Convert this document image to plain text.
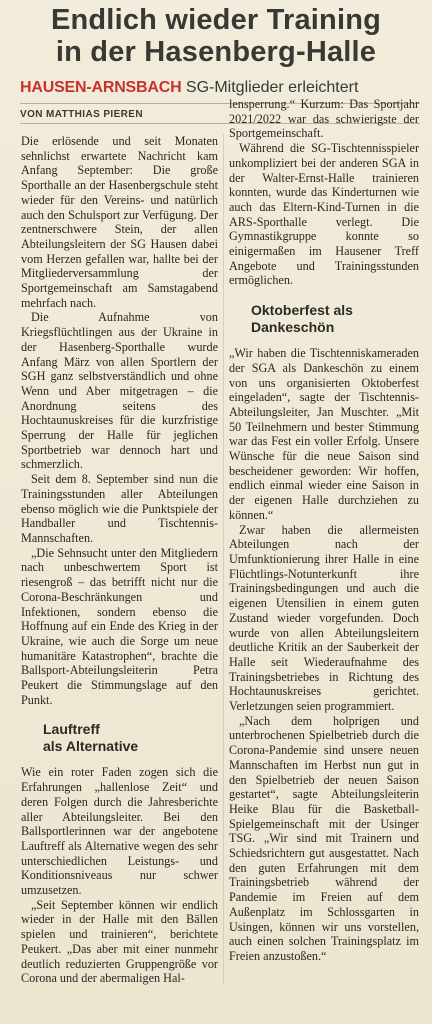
Endlich wieder Training
in der Hasenberg-Halle
HAUSEN-ARNSBACH SG-Mitglieder erleichtert
VON MATTHIAS PIEREN

Die erlösende und seit Monaten sehnlichst erwartete Nachricht kam Anfang September: Die große Sporthalle an der Hasenbergschule steht wieder für den Vereins- und natürlich auch den Schulsport zur Verfügung. Der zentnerschwere Stein, der allen Abteilungsleitern der SG Hausen dabei vom Herzen gefallen war, hallte bei der Mitgliederversammlung der Sportgemeinschaft am Samstagabend mehrfach nach.

Die Aufnahme von Kriegsflüchtlingen aus der Ukraine in der Hasenberg-Sporthalle wurde Anfang März von allen Sportlern der SGH ganz selbstverständlich und ohne Wenn und Aber mitgetragen – die Anordnung seitens des Hochtaunuskreises für die kurzfristige Sperrung der Halle für jeglichen Sportbetrieb war dennoch hart und schmerzlich.

Seit dem 8. September sind nun die Trainingsstunden aller Abteilungen ebenso möglich wie die Punktspiele der Handballer und Tischtennis-Mannschaften.

„Die Sehnsucht unter den Mitgliedern nach unbeschwertem Sport ist riesengroß – das betrifft nicht nur die Corona-Beschränkungen und Infektionen, sondern ebenso die Hoffnung auf ein Ende des Krieg in der Ukraine, wie auch die Sorge um neue humanitäre Katastrophen“, brachte die Ballsport-Abteilungsleiterin Petra Peukert die Stimmungslage auf den Punkt.

Lauftreff
als Alternative

Wie ein roter Faden zogen sich die Erfahrungen „hallenlose Zeit“ und deren Folgen durch die Jahresberichte aller Abteilungsleiter. Bei den Ballsportlerinnen war der angebotene Lauftreff als Alternative wegen des sehr unterschiedlichen Leistungs- und Konditionsniveaus nur schwer umzusetzen.

„Seit September können wir endlich wieder in der Halle mit den Bällen spielen und trainieren“, berichtete Peukert. „Das aber mit einer nunmehr deutlich reduzierten Gruppengröße vor Corona und der abermaligen Hal-

lensperrung.“ Kurzum: Das Sportjahr 2021/2022 war das schwierigste der Sportgemeinschaft.

Während die SG-Tischtennisspieler unkompliziert bei der anderen SGA in der Walter-Ernst-Halle trainieren konnten, wurde das Kinderturnen wie auch das Eltern-Kind-Turnen in die ARS-Sporthalle verlegt. Die Gymnastikgruppe konnte so einigermaßen im Hausener Treff Angebote und Trainingsstunden ermöglichen.

Oktoberfest als
Dankeschön

„Wir haben die Tischtenniskameraden der SGA als Dankeschön zu einem von uns organisierten Oktoberfest eingeladen“, sagte der Tischtennis-Abteilungsleiter, Jan Muschter. „Mit 50 Teilnehmern und bester Stimmung war das Fest ein voller Erfolg. Unsere Wünsche für die neue Saison sind bescheidener geworden: Wir hoffen, endlich einmal wieder eine Saison in der eigenen Halle durchziehen zu können.“

Zwar haben die allermeisten Abteilungen nach der Umfunktionierung ihrer Halle in eine Flüchtlings-Notunterkunft ihre Trainingsbedingungen und auch die eigenen Utensilien in einem guten Zustand wieder vorgefunden. Doch wurde von allen Abteilungsleitern deutliche Kritik an der Sauberkeit der Halle seit Wiederaufnahme des Trainingsbetriebes in Richtung des Hochtaunuskreises gerichtet. Verletzungen seien programmiert.

„Nach dem holprigen und unterbrochenen Spielbetrieb durch die Corona-Pandemie sind unsere neuen Mannschaften im Herbst nun gut in den Spielbetrieb der neuen Saison gestartet“, sagte Abteilungsleiterin Heike Blau für die Basketball-Spielgemeinschaft mit der Usinger TSG. „Wir sind mit Trainern und Schiedsrichtern gut ausgestattet. Nach den guten Erfahrungen mit dem Trainingsbetrieb während der Pandemie im Freien auf dem Außenplatz im Schlossgarten in Usingen, können wir uns vorstellen, auch einen solchen Trainingsplatz im Freien anzustoßen.“
